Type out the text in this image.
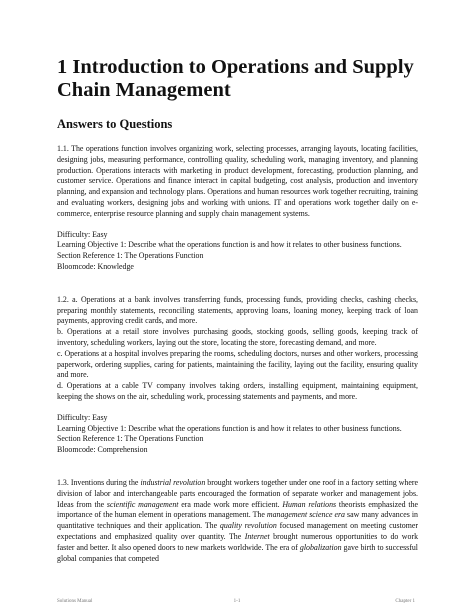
1 Introduction to Operations and Supply Chain Management
Answers to Questions

1.1. The operations function involves organizing work, selecting processes, arranging layouts, locating facilities, designing jobs, measuring performance, controlling quality, scheduling work, managing inventory, and planning production. Operations interacts with marketing in product development, forecasting, production planning, and customer service. Operations and finance interact in capital budgeting, cost analysis, production and inventory planning, and expansion and technology plans. Operations and human resources work together recruiting, training and evaluating workers, designing jobs and working with unions. IT and operations work together daily on e-commerce, enterprise resource planning and supply chain management systems.

Difficulty: Easy
Learning Objective 1: Describe what the operations function is and how it relates to other business functions.
Section Reference 1: The Operations Function
Bloomcode: Knowledge

1.2. a. Operations at a bank involves transferring funds, processing funds, providing checks, cashing checks, preparing monthly statements, reconciling statements, approving loans, loaning money, keeping track of loan payments, approving credit cards, and more.

b. Operations at a retail store involves purchasing goods, stocking goods, selling goods, keeping track of inventory, scheduling workers, laying out the store, locating the store, forecasting demand, and more.

c. Operations at a hospital involves preparing the rooms, scheduling doctors, nurses and other workers, processing paperwork, ordering supplies, caring for patients, maintaining the facility, laying out the facility, ensuring quality and more.

d. Operations at a cable TV company involves taking orders, installing equipment, maintaining equipment, keeping the shows on the air, scheduling work, processing statements and payments, and more.

Difficulty: Easy
Learning Objective 1: Describe what the operations function is and how it relates to other business functions.
Section Reference 1: The Operations Function
Bloomcode: Comprehension

1.3. Inventions during the industrial revolution brought workers together under one roof in a factory setting where division of labor and interchangeable parts encouraged the formation of separate worker and management jobs. Ideas from the scientific management era made work more efficient. Human relations theorists emphasized the importance of the human element in operations management. The management science era saw many advances in quantitative techniques and their application. The quality revolution focused management on meeting customer expectations and emphasized quality over quantity. The Internet brought numerous opportunities to do work faster and better. It also opened doors to new markets worldwide. The era of globalization gave birth to successful global companies that competed

Solutions Manual	1-1	Chapter 1
